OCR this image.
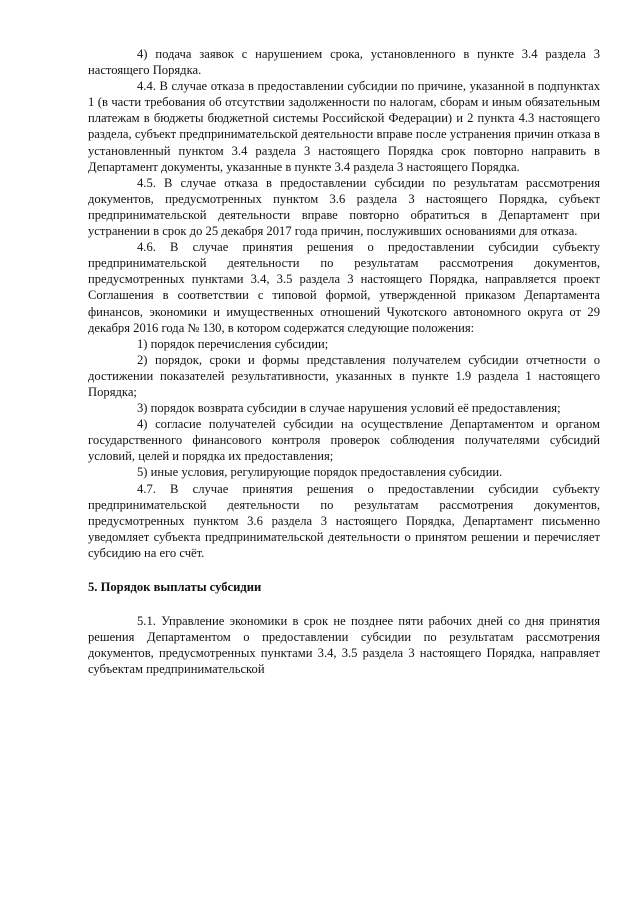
4) подача заявок с нарушением срока, установленного в пункте 3.4 раздела 3 настоящего Порядка.

4.4. В случае отказа в предоставлении субсидии по причине, указанной в подпунктах 1 (в части требования об отсутствии задолженности по налогам, сборам и иным обязательным платежам в бюджеты бюджетной системы Российской Федерации) и 2 пункта 4.3 настоящего раздела, субъект предпринимательской деятельности вправе после устранения причин отказа в установленный пунктом 3.4 раздела 3 настоящего Порядка срок повторно направить в Департамент документы, указанные в пункте 3.4 раздела 3 настоящего Порядка.

4.5. В случае отказа в предоставлении субсидии по результатам рассмотрения документов, предусмотренных пунктом 3.6 раздела 3 настоящего Порядка, субъект предпринимательской деятельности вправе повторно обратиться в Департамент при устранении в срок до 25 декабря 2017 года причин, послуживших основаниями для отказа.

4.6. В случае принятия решения о предоставлении субсидии субъекту предпринимательской деятельности по результатам рассмотрения документов, предусмотренных пунктами 3.4, 3.5 раздела 3 настоящего Порядка, направляется проект Соглашения в соответствии с типовой формой, утвержденной приказом Департамента финансов, экономики и имущественных отношений Чукотского автономного округа от 29 декабря 2016 года № 130, в котором содержатся следующие положения:

1) порядок перечисления субсидии;

2) порядок, сроки и формы представления получателем субсидии отчетности о достижении показателей результативности, указанных в пункте 1.9 раздела 1 настоящего Порядка;

3) порядок возврата субсидии в случае нарушения условий её предоставления;

4) согласие получателей субсидии на осуществление Департаментом и органом государственного финансового контроля проверок соблюдения получателями субсидий условий, целей и порядка их предоставления;

5) иные условия, регулирующие порядок предоставления субсидии.

4.7. В случае принятия решения о предоставлении субсидии субъекту предпринимательской деятельности по результатам рассмотрения документов, предусмотренных пунктом 3.6 раздела 3 настоящего Порядка, Департамент письменно уведомляет субъекта предпринимательской деятельности о принятом решении и перечисляет субсидию на его счёт.

5. Порядок выплаты субсидии

5.1. Управление экономики в срок не позднее пяти рабочих дней со дня принятия решения Департаментом о предоставлении субсидии по результатам рассмотрения документов, предусмотренных пунктами 3.4, 3.5 раздела 3 настоящего Порядка, направляет субъектам предпринимательской
